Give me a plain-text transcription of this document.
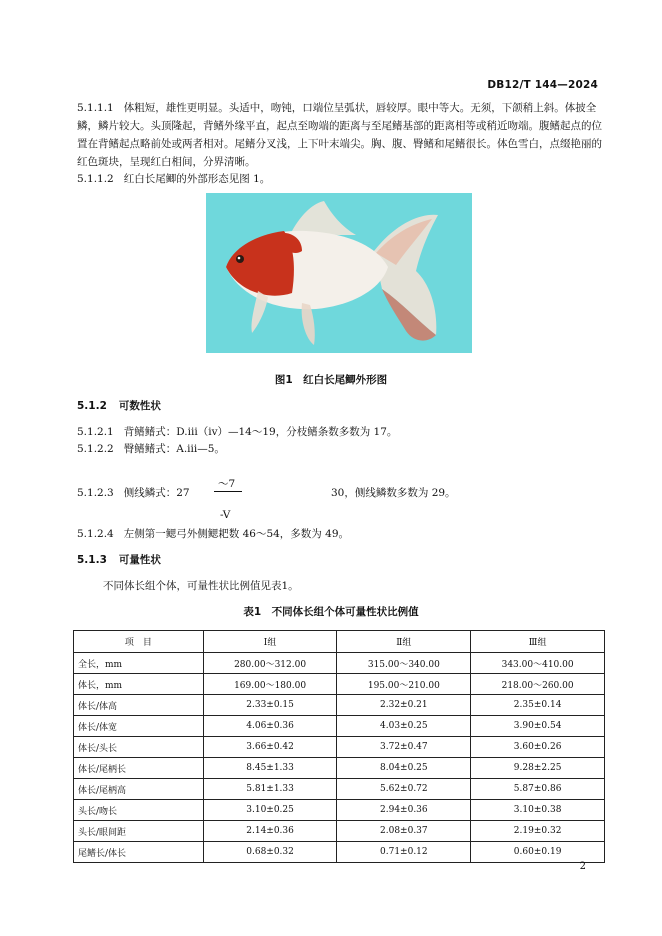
DB12/T 144—2024
5.1.1.1 体粗短，雄性更明显。头适中，吻钝，口端位呈弧状，唇较厚。眼中等大。无须，下颌稍上斜。体披全鳞，鳞片较大。头顶隆起，背鳍外缘平直，起点至吻端的距离与至尾鳍基部的距离相等或稍近吻端。腹鳍起点的位置在背鳍起点略前处或两者相对。尾鳍分叉浅，上下叶末端尖。胸、腹、臀鳍和尾鳍很长。体色雪白，点缀艳丽的红色斑块，呈现红白相间，分界清晰。
5.1.1.2 红白长尾鲫的外部形态见图 1。
图1　红白长尾鲫外形图
5.1.2 可数性状
5.1.2.1 背鳍鳍式：D.iii（iv）—14～19，分枝鳍条数多数为 17。
5.1.2.2 臀鳍鳍式：A.iii—5。
5.1.2.3 侧线鳞式：27
～7
-V
30，侧线鳞数多数为 29。
5.1.2.4 左侧第一鳃弓外侧鳃耙数 46～54，多数为 49。
5.1.3 可量性状
不同体长组个体，可量性状比例值见表1。
表1　不同体长组个体可量性状比例值
项　目	Ⅰ组	Ⅱ组	Ⅲ组
全长，mm	280.00～312.00	315.00～340.00	343.00～410.00
体长，mm	169.00～180.00	195.00～210.00	218.00～260.00
体长/体高	2.33±0.15	2.32±0.21	2.35±0.14
体长/体宽	4.06±0.36	4.03±0.25	3.90±0.54
体长/头长	3.66±0.42	3.72±0.47	3.60±0.26
体长/尾柄长	8.45±1.33	8.04±0.25	9.28±2.25
体长/尾柄高	5.81±1.33	5.62±0.72	5.87±0.86
头长/吻长	3.10±0.25	2.94±0.36	3.10±0.38
头长/眼间距	2.14±0.36	2.08±0.37	2.19±0.32
尾鳍长/体长	0.68±0.32	0.71±0.12	0.60±0.19
2
